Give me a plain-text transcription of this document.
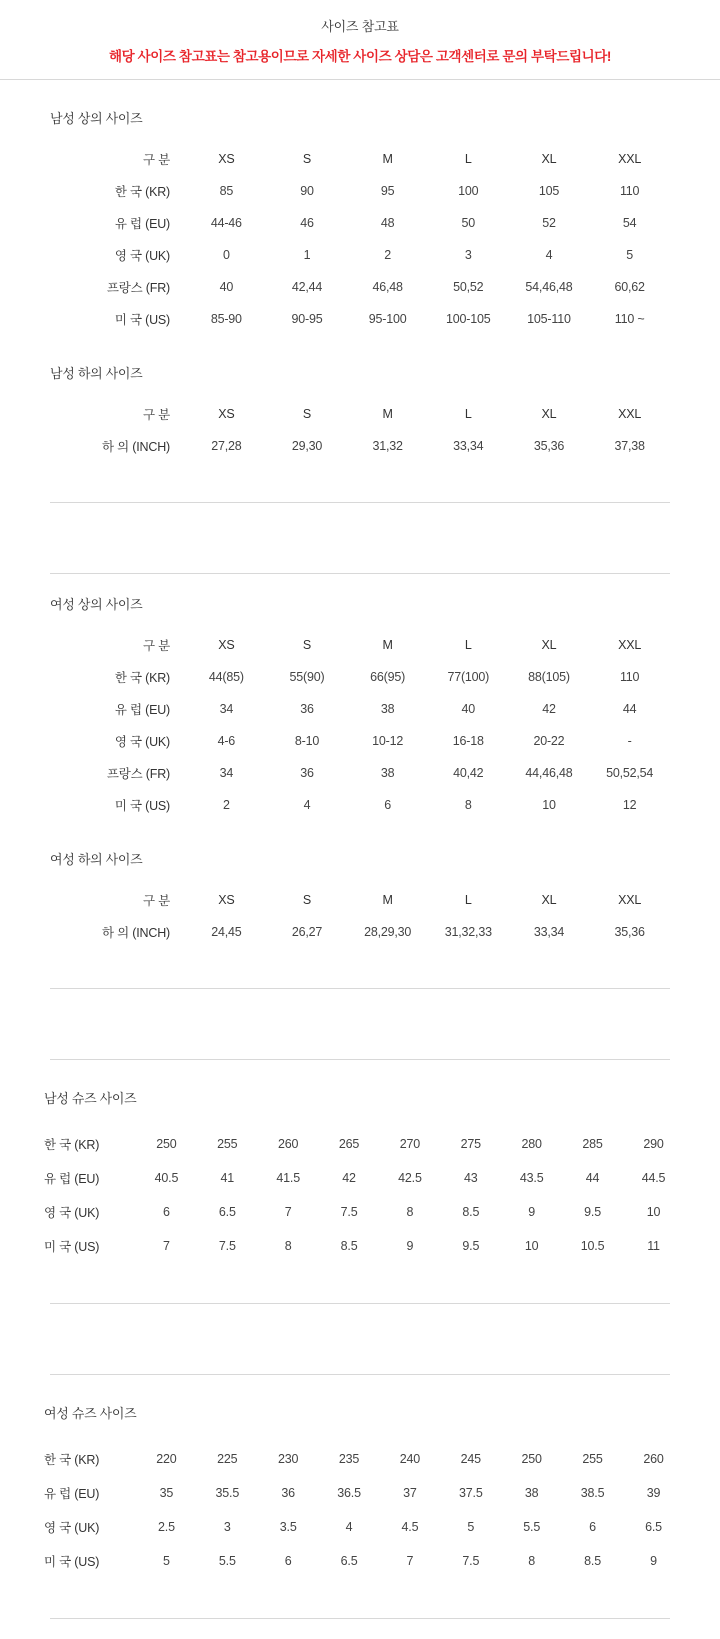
사이즈 참고표
해당 사이즈 참고표는 참고용이므로 자세한 사이즈 상담은 고객센터로 문의 부탁드립니다!
남성 상의 사이즈
구 분	XS	S	M	L	XL	XXL
한 국 (KR)	85	90	95	100	105	110
유 럽 (EU)	44-46	46	48	50	52	54
영 국 (UK)	0	1	2	3	4	5
프랑스 (FR)	40	42,44	46,48	50,52	54,46,48	60,62
미 국 (US)	85-90	90-95	95-100	100-105	105-110	110 ~
남성 하의 사이즈
구 분	XS	S	M	L	XL	XXL
하 의 (INCH)	27,28	29,30	31,32	33,34	35,36	37,38
여성 상의 사이즈
구 분	XS	S	M	L	XL	XXL
한 국 (KR)	44(85)	55(90)	66(95)	77(100)	88(105)	110
유 럽 (EU)	34	36	38	40	42	44
영 국 (UK)	4-6	8-10	10-12	16-18	20-22	-
프랑스 (FR)	34	36	38	40,42	44,46,48	50,52,54
미 국 (US)	2	4	6	8	10	12
여성 하의 사이즈
구 분	XS	S	M	L	XL	XXL
하 의 (INCH)	24,45	26,27	28,29,30	31,32,33	33,34	35,36
남성 슈즈 사이즈
한 국 (KR)	250	255	260	265	270	275	280	285	290
유 럽 (EU)	40.5	41	41.5	42	42.5	43	43.5	44	44.5
영 국 (UK)	6	6.5	7	7.5	8	8.5	9	9.5	10
미 국 (US)	7	7.5	8	8.5	9	9.5	10	10.5	11
여성 슈즈 사이즈
한 국 (KR)	220	225	230	235	240	245	250	255	260
유 럽 (EU)	35	35.5	36	36.5	37	37.5	38	38.5	39
영 국 (UK)	2.5	3	3.5	4	4.5	5	5.5	6	6.5
미 국 (US)	5	5.5	6	6.5	7	7.5	8	8.5	9
